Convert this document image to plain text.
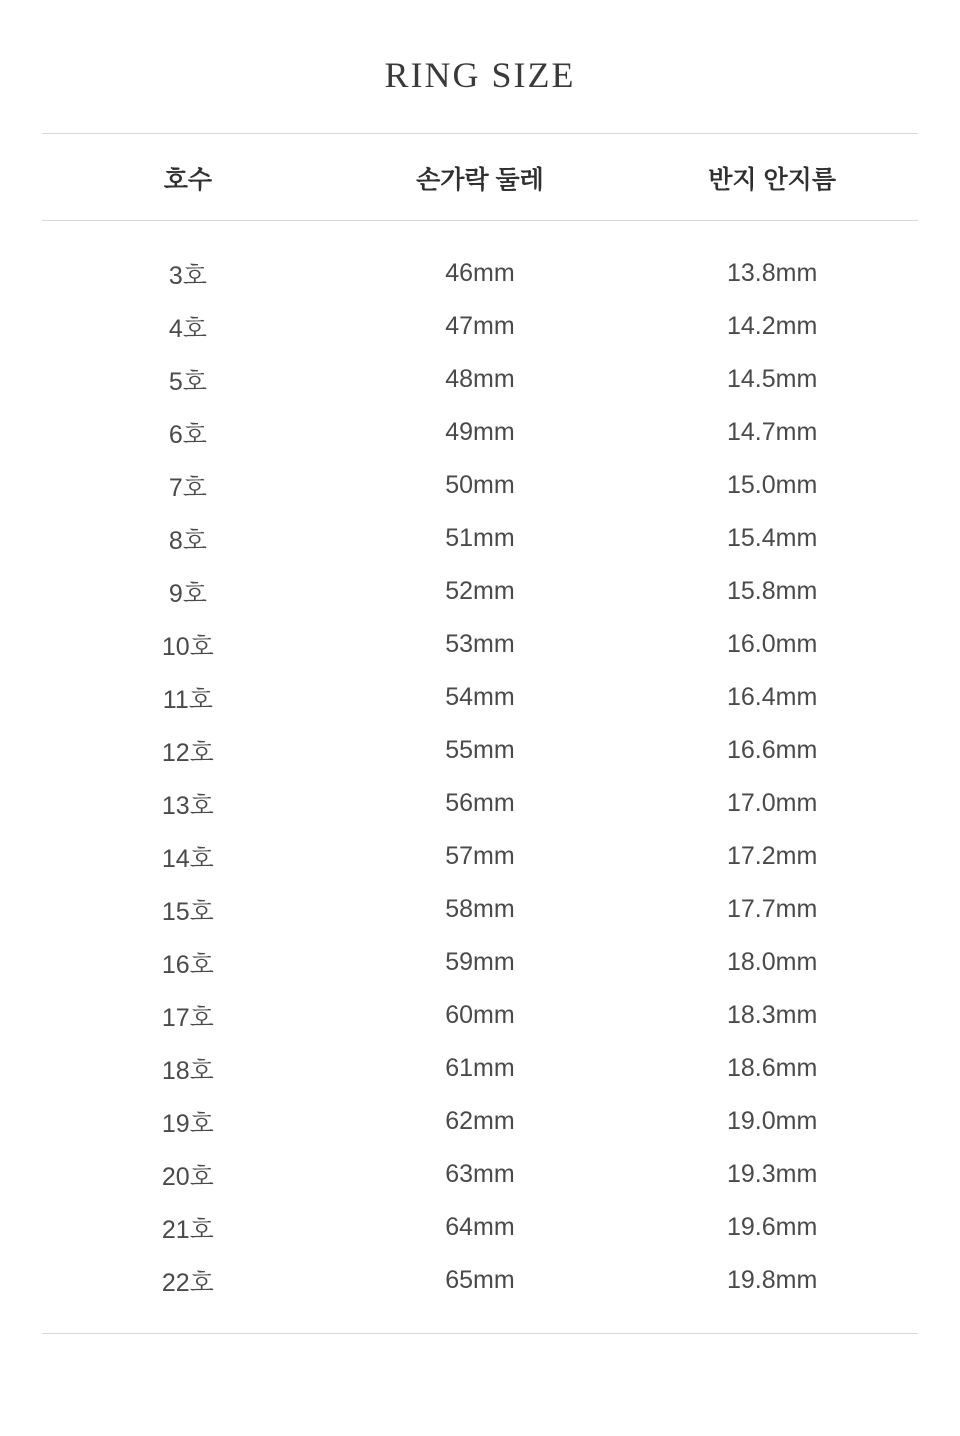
RING SIZE
호수	손가락 둘레	반지 안지름
3호	46mm	13.8mm
4호	47mm	14.2mm
5호	48mm	14.5mm
6호	49mm	14.7mm
7호	50mm	15.0mm
8호	51mm	15.4mm
9호	52mm	15.8mm
10호	53mm	16.0mm
11호	54mm	16.4mm
12호	55mm	16.6mm
13호	56mm	17.0mm
14호	57mm	17.2mm
15호	58mm	17.7mm
16호	59mm	18.0mm
17호	60mm	18.3mm
18호	61mm	18.6mm
19호	62mm	19.0mm
20호	63mm	19.3mm
21호	64mm	19.6mm
22호	65mm	19.8mm
